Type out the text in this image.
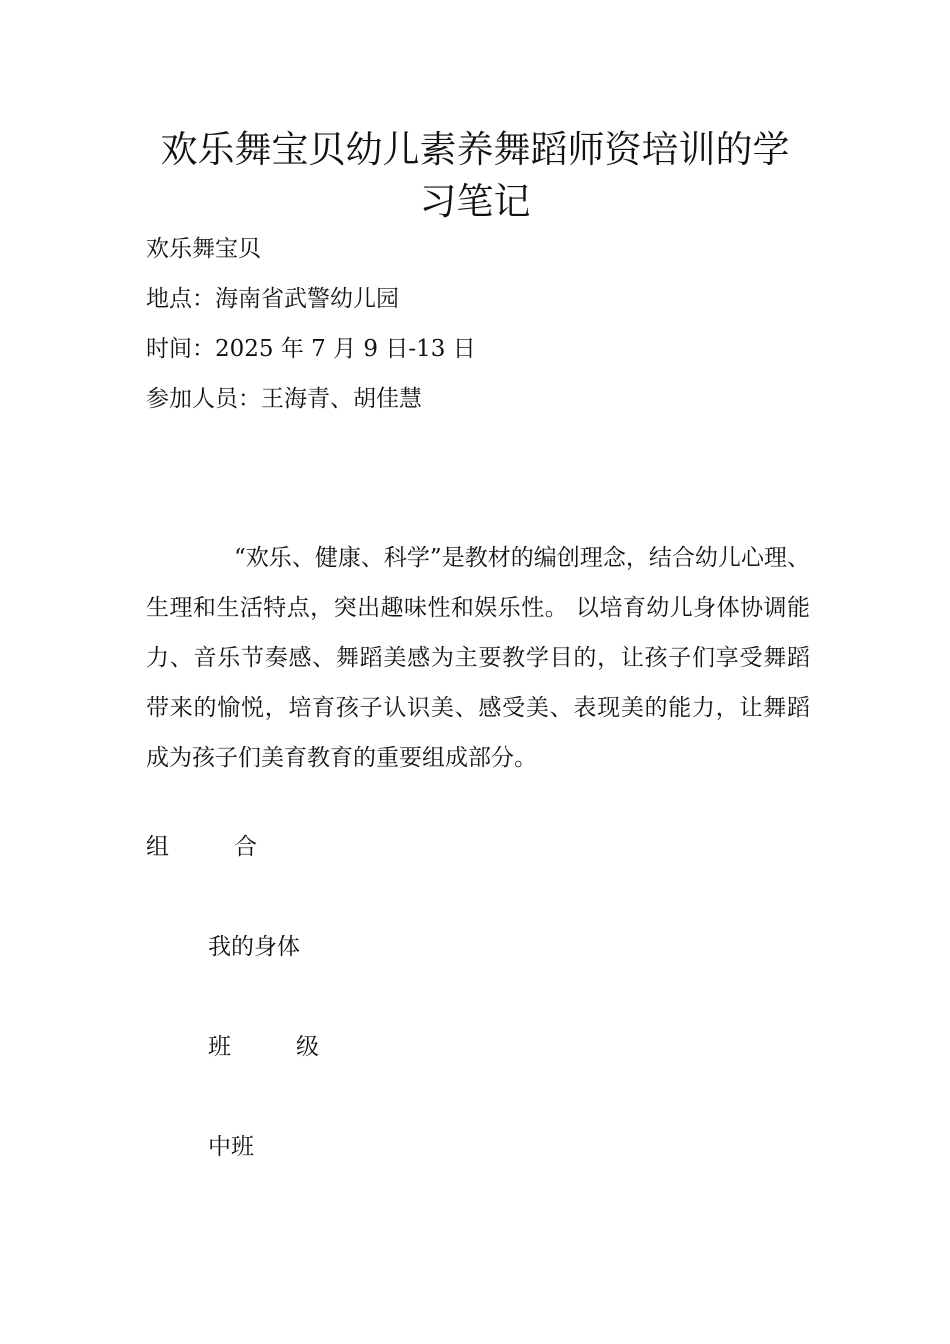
欢乐舞宝贝幼儿素养舞蹈师资培训的学
习笔记
欢乐舞宝贝
地点：海南省武警幼儿园
时间：2025 年 7 月 9 日-13 日
参加人员：王海青、胡佳慧
“欢乐、健康、科学”是教材的编创理念，结合幼儿心理、生理和生活特点，突出趣味性和娱乐性。 以培育幼儿身体协调能力、音乐节奏感、舞蹈美感为主要教学目的，让孩子们享受舞蹈带来的愉悦，培育孩子认识美、感受美、表现美的能力，让舞蹈成为孩子们美育教育的重要组成部分。
组	合
我的身体
班	级
中班
